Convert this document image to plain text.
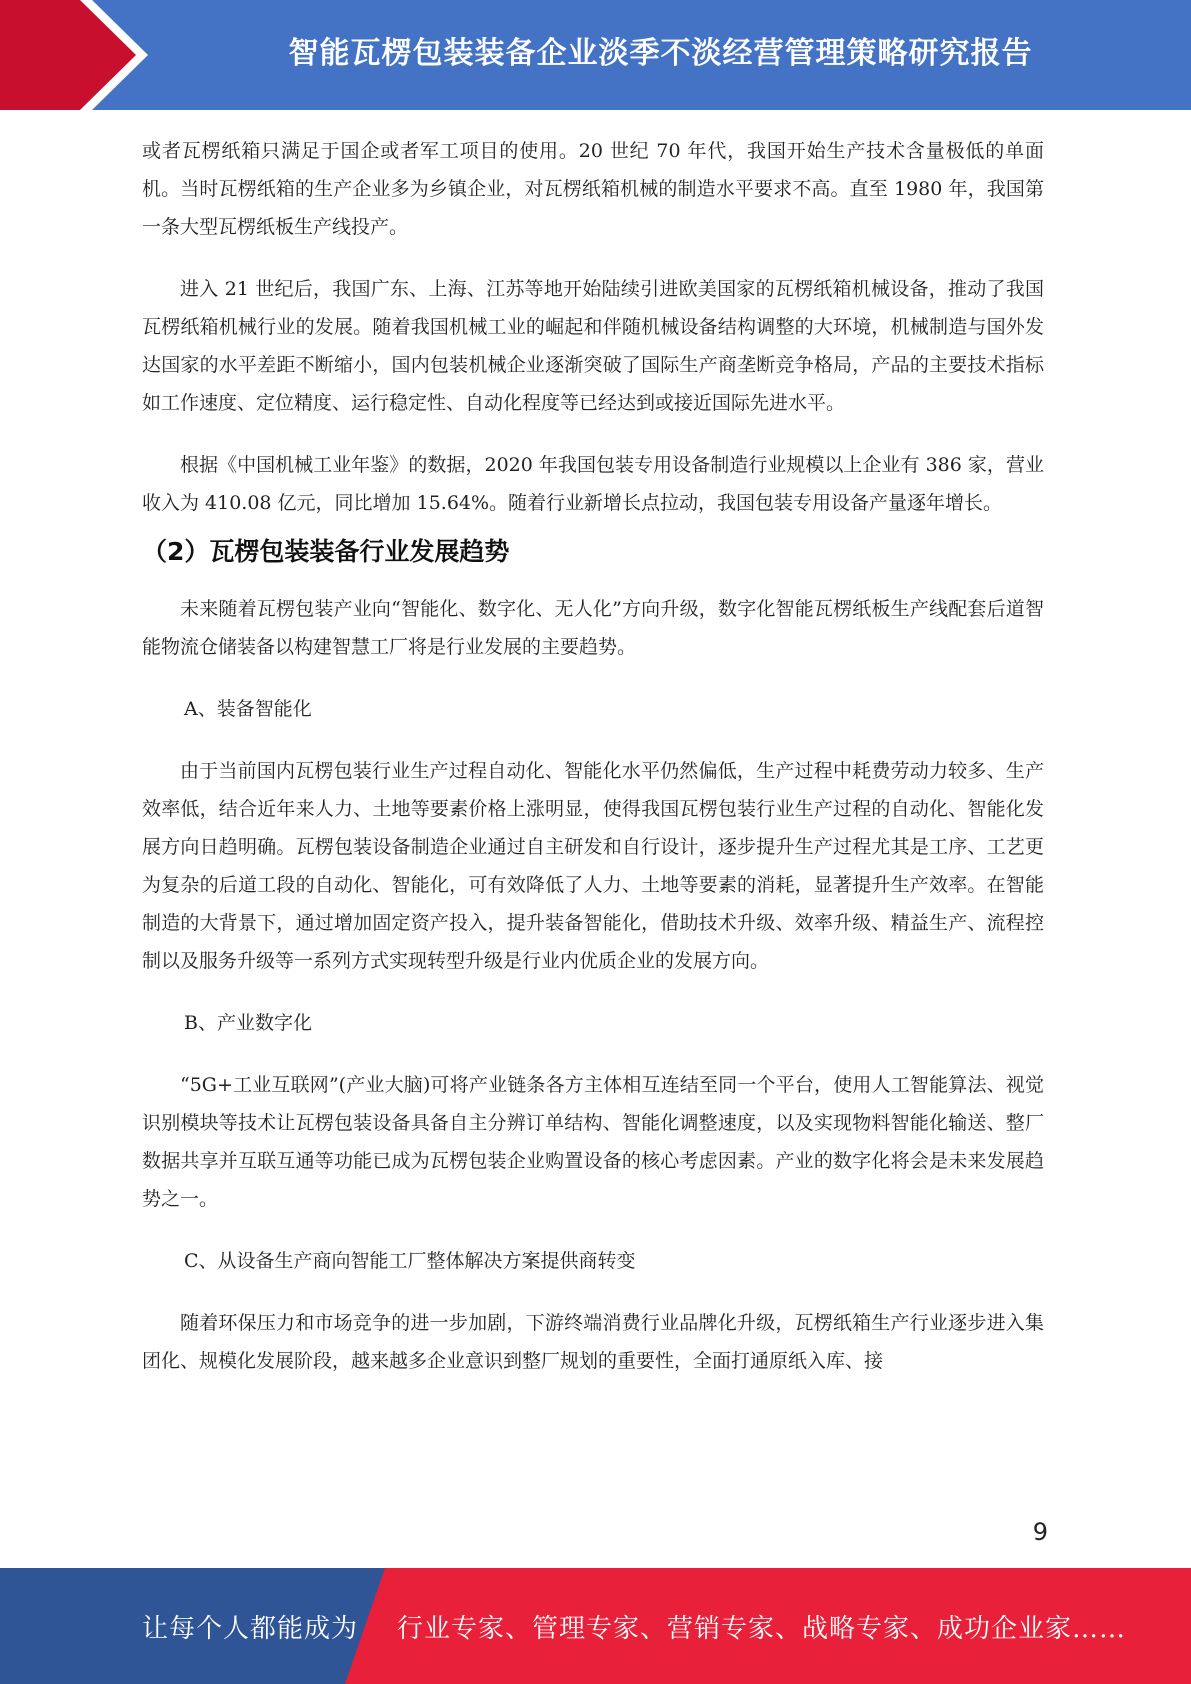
智能瓦楞包装装备企业淡季不淡经营管理策略研究报告

或者瓦楞纸箱只满足于国企或者军工项目的使用。20 世纪 70 年代，我国开始生产技术含量极低的单面机。当时瓦楞纸箱的生产企业多为乡镇企业，对瓦楞纸箱机械的制造水平要求不高。直至 1980 年，我国第一条大型瓦楞纸板生产线投产。

进入 21 世纪后，我国广东、上海、江苏等地开始陆续引进欧美国家的瓦楞纸箱机械设备，推动了我国瓦楞纸箱机械行业的发展。随着我国机械工业的崛起和伴随机械设备结构调整的大环境，机械制造与国外发达国家的水平差距不断缩小，国内包装机械企业逐渐突破了国际生产商垄断竞争格局，产品的主要技术指标如工作速度、定位精度、运行稳定性、自动化程度等已经达到或接近国际先进水平。

根据《中国机械工业年鉴》的数据，2020 年我国包装专用设备制造行业规模以上企业有 386 家，营业收入为 410.08 亿元，同比增加 15.64%。随着行业新增长点拉动，我国包装专用设备产量逐年增长。

（2）瓦楞包装装备行业发展趋势

未来随着瓦楞包装产业向“智能化、数字化、无人化”方向升级，数字化智能瓦楞纸板生产线配套后道智能物流仓储装备以构建智慧工厂将是行业发展的主要趋势。

A、装备智能化

由于当前国内瓦楞包装行业生产过程自动化、智能化水平仍然偏低，生产过程中耗费劳动力较多、生产效率低，结合近年来人力、土地等要素价格上涨明显，使得我国瓦楞包装行业生产过程的自动化、智能化发展方向日趋明确。瓦楞包装设备制造企业通过自主研发和自行设计，逐步提升生产过程尤其是工序、工艺更为复杂的后道工段的自动化、智能化，可有效降低了人力、土地等要素的消耗，显著提升生产效率。在智能制造的大背景下，通过增加固定资产投入，提升装备智能化，借助技术升级、效率升级、精益生产、流程控制以及服务升级等一系列方式实现转型升级是行业内优质企业的发展方向。

B、产业数字化

“5G+工业互联网”(产业大脑)可将产业链条各方主体相互连结至同一个平台，使用人工智能算法、视觉识别模块等技术让瓦楞包装设备具备自主分辨订单结构、智能化调整速度，以及实现物料智能化输送、整厂数据共享并互联互通等功能已成为瓦楞包装企业购置设备的核心考虑因素。产业的数字化将会是未来发展趋势之一。

C、从设备生产商向智能工厂整体解决方案提供商转变

随着环保压力和市场竞争的进一步加剧，下游终端消费行业品牌化升级，瓦楞纸箱生产行业逐步进入集团化、规模化发展阶段，越来越多企业意识到整厂规划的重要性，全面打通原纸入库、接

9
让每个人都能成为 行业专家、管理专家、营销专家、战略专家、成功企业家……
